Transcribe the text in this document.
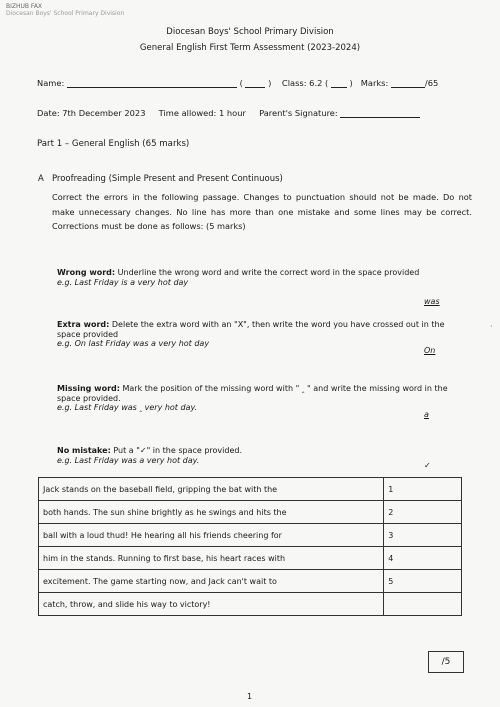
BIZHUB FAX
Diocesan Boys' School Primary Division
Diocesan Boys' School Primary Division
General English First Term Assessment (2023-2024)
Name:	(	) Class: 6.2 (	) Marks:	/65
Date: 7th December 2023 Time allowed: 1 hour Parent's Signature:
Part 1 – General English (65 marks)
A Proofreading (Simple Present and Present Continuous)
Correct the errors in the following passage. Changes to punctuation should not be made. Do not make unnecessary changes. No line has more than one mistake and some lines may be correct. Corrections must be done as follows: (5 marks)
Wrong word: Underline the wrong word and write the correct word in the space provided
e.g. Last Friday is a very hot day
was
Extra word: Delete the extra word with an "X", then write the word you have crossed out in the space provided
e.g. On last Friday was a very hot day
On
Missing word: Mark the position of the missing word with " ‸ " and write the missing word in the space provided.
e.g. Last Friday was ‸ very hot day.
a
No mistake: Put a "✓" in the space provided.
e.g. Last Friday was a very hot day.
✓
Jack stands on the baseball field, gripping the bat with the	1
both hands. The sun shine brightly as he swings and hits the	2
ball with a loud thud! He hearing all his friends cheering for	3
him in the stands. Running to first base, his heart races with	4
excitement. The game starting now, and Jack can't wait to	5
catch, throw, and slide his way to victory!	
/5
1
·
